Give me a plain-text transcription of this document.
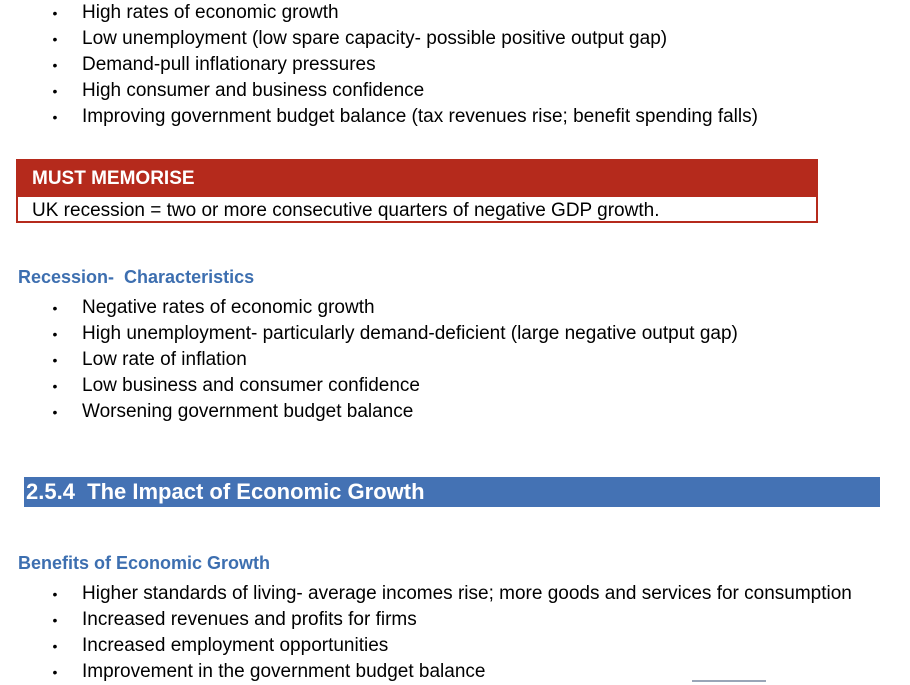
• High rates of economic growth
• Low unemployment (low spare capacity- possible positive output gap)
• Demand-pull inflationary pressures
• High consumer and business confidence
• Improving government budget balance (tax revenues rise; benefit spending falls)
MUST MEMORISE
UK recession = two or more consecutive quarters of negative GDP growth.
Recession-  Characteristics
• Negative rates of economic growth
• High unemployment- particularly demand-deficient (large negative output gap)
• Low rate of inflation
• Low business and consumer confidence
• Worsening government budget balance
2.5.4  The Impact of Economic Growth
Benefits of Economic Growth
• Higher standards of living- average incomes rise; more goods and services for consumption
• Increased revenues and profits for firms
• Increased employment opportunities
• Improvement in the government budget balance
